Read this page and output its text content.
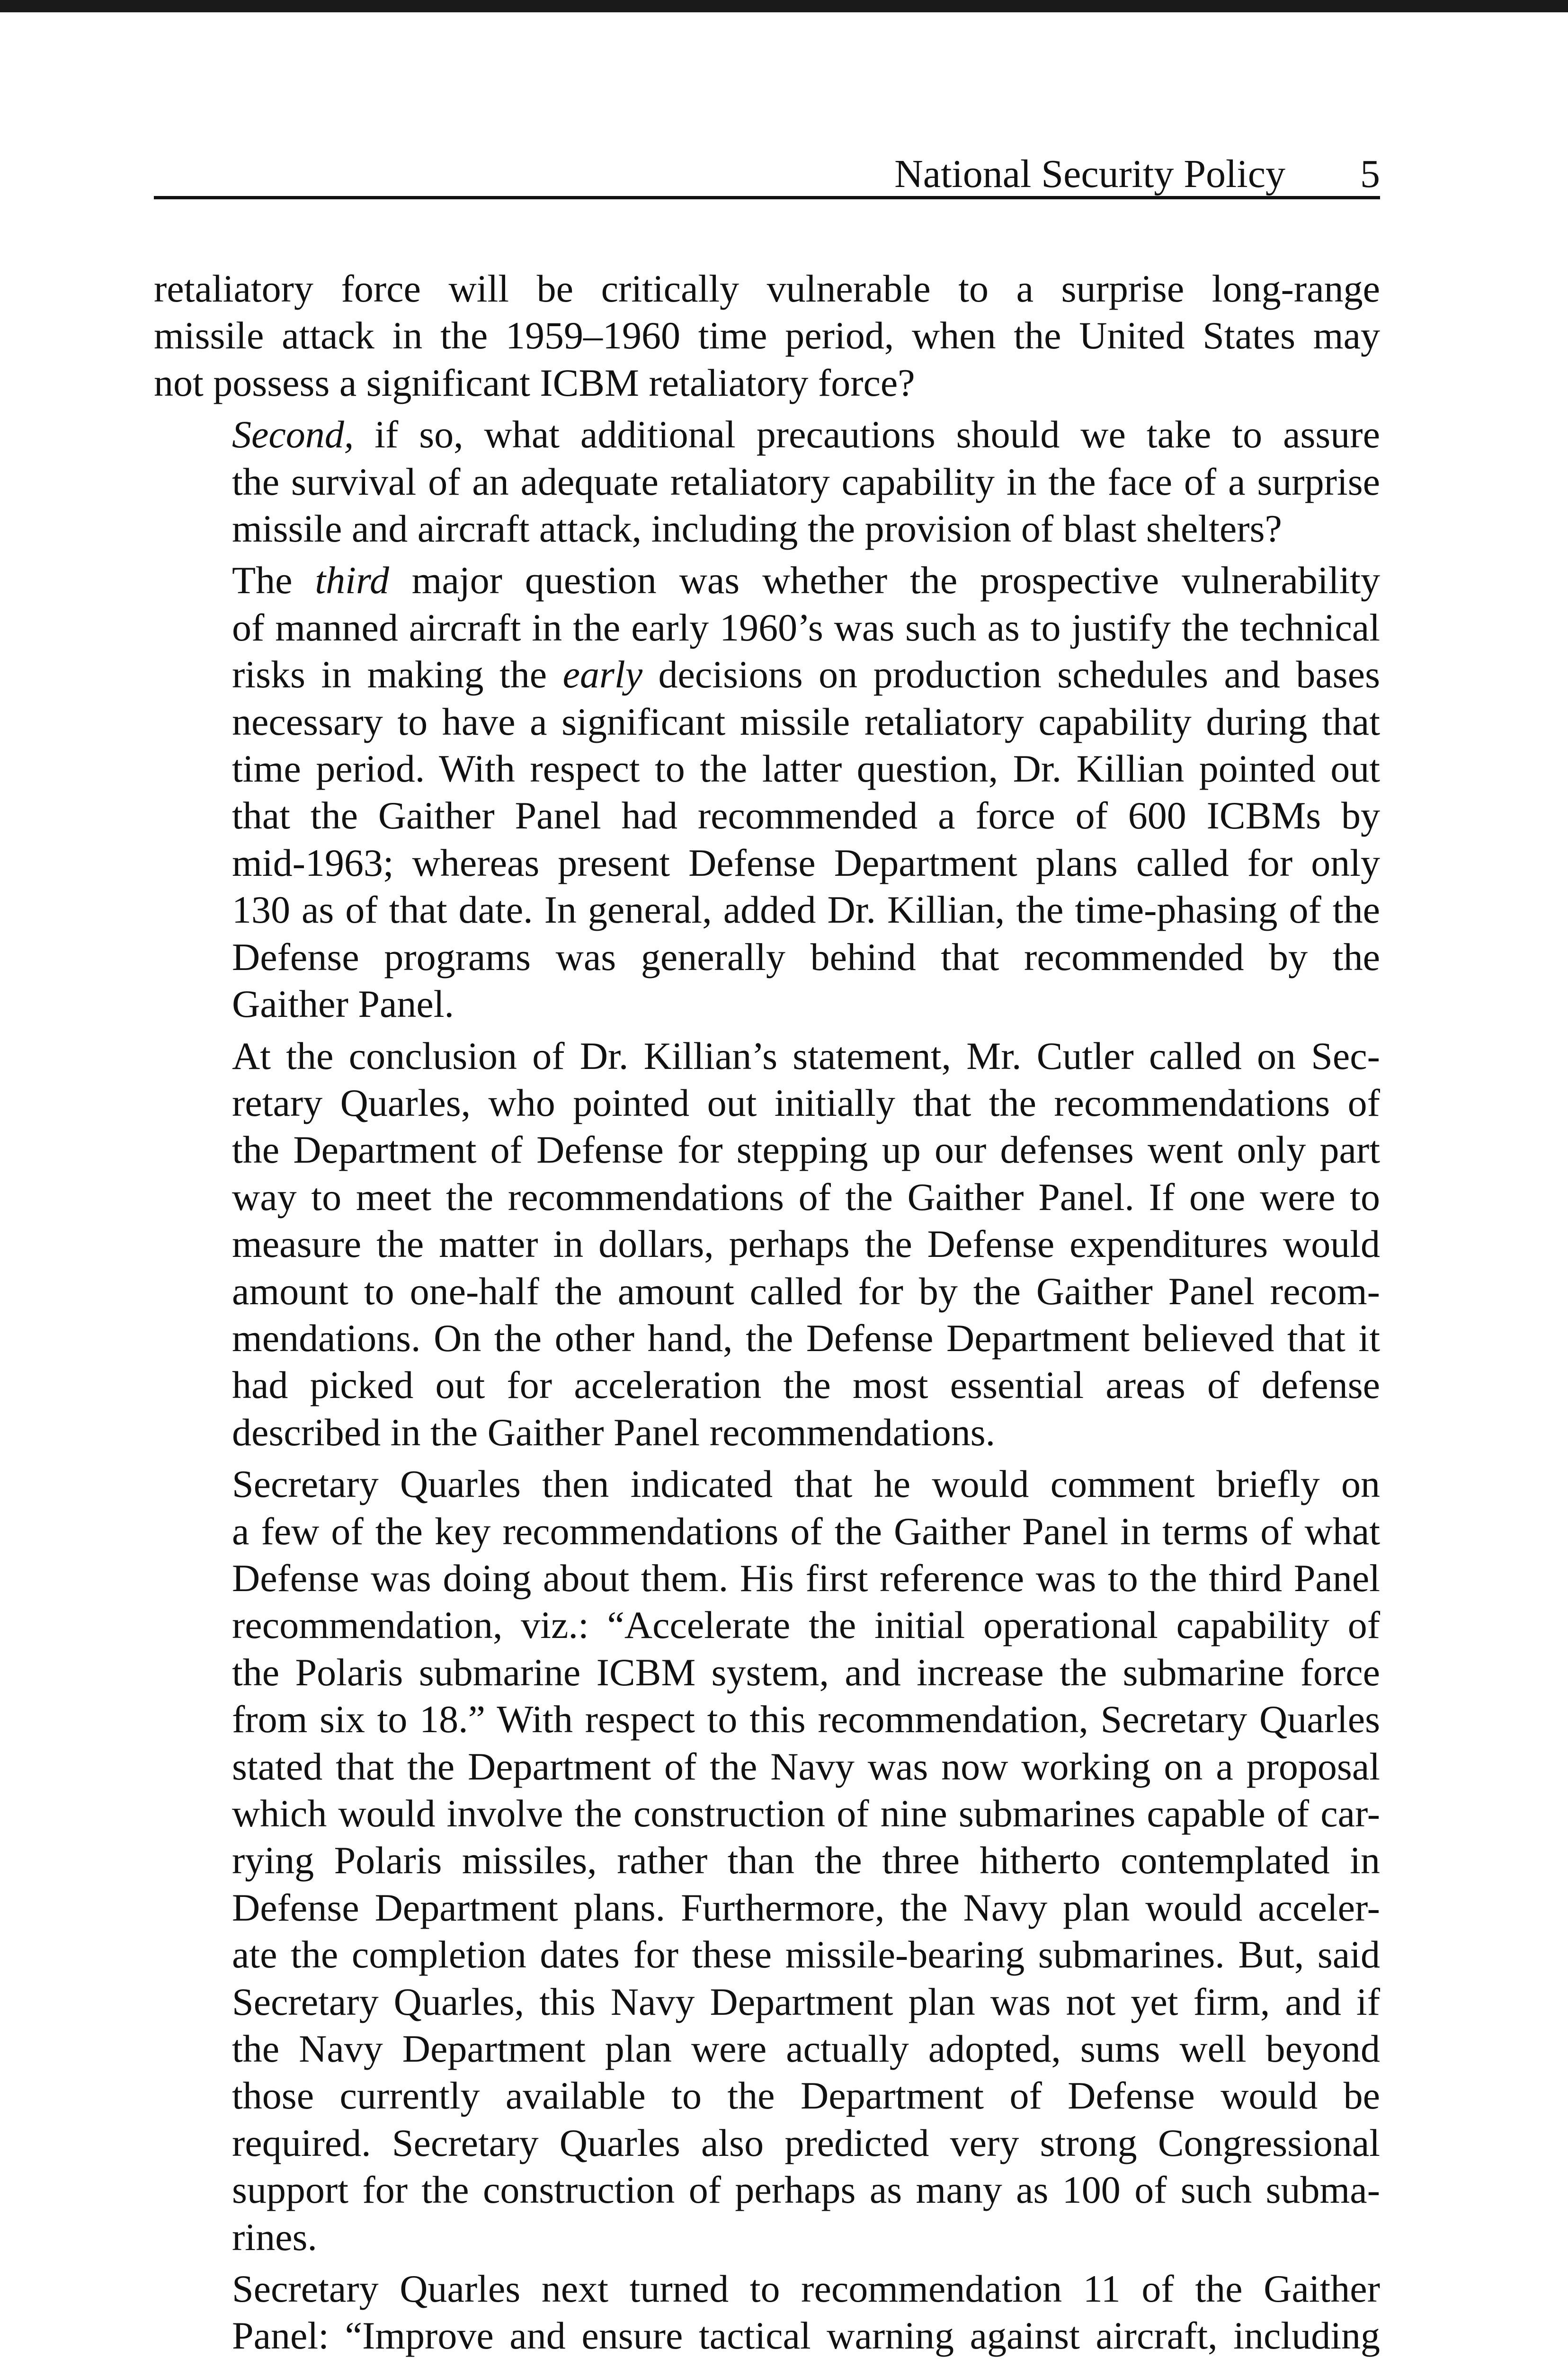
National Security Policy 5

retaliatory force will be critically vulnerable to a surprise long-range
missile attack in the 1959–1960 time period, when the United States may
not possess a significant ICBM retaliatory force?

Second, if so, what additional precautions should we take to assure
the survival of an adequate retaliatory capability in the face of a surprise
missile and aircraft attack, including the provision of blast shelters?

The third major question was whether the prospective vulnerability
of manned aircraft in the early 1960’s was such as to justify the technical
risks in making the early decisions on production schedules and bases
necessary to have a significant missile retaliatory capability during that
time period. With respect to the latter question, Dr. Killian pointed out
that the Gaither Panel had recommended a force of 600 ICBMs by
mid-1963; whereas present Defense Department plans called for only
130 as of that date. In general, added Dr. Killian, the time-phasing of the
Defense programs was generally behind that recommended by the
Gaither Panel.

At the conclusion of Dr. Killian’s statement, Mr. Cutler called on Sec-
retary Quarles, who pointed out initially that the recommendations of
the Department of Defense for stepping up our defenses went only part
way to meet the recommendations of the Gaither Panel. If one were to
measure the matter in dollars, perhaps the Defense expenditures would
amount to one-half the amount called for by the Gaither Panel recom-
mendations. On the other hand, the Defense Department believed that it
had picked out for acceleration the most essential areas of defense
described in the Gaither Panel recommendations.

Secretary Quarles then indicated that he would comment briefly on
a few of the key recommendations of the Gaither Panel in terms of what
Defense was doing about them. His first reference was to the third Panel
recommendation, viz.: “Accelerate the initial operational capability of
the Polaris submarine ICBM system, and increase the submarine force
from six to 18.” With respect to this recommendation, Secretary Quarles
stated that the Department of the Navy was now working on a proposal
which would involve the construction of nine submarines capable of car-
rying Polaris missiles, rather than the three hitherto contemplated in
Defense Department plans. Furthermore, the Navy plan would acceler-
ate the completion dates for these missile-bearing submarines. But, said
Secretary Quarles, this Navy Department plan was not yet firm, and if
the Navy Department plan were actually adopted, sums well beyond
those currently available to the Department of Defense would be
required. Secretary Quarles also predicted very strong Congressional
support for the construction of perhaps as many as 100 of such subma-
rines.

Secretary Quarles next turned to recommendation 11 of the Gaither
Panel: “Improve and ensure tactical warning against aircraft, including
